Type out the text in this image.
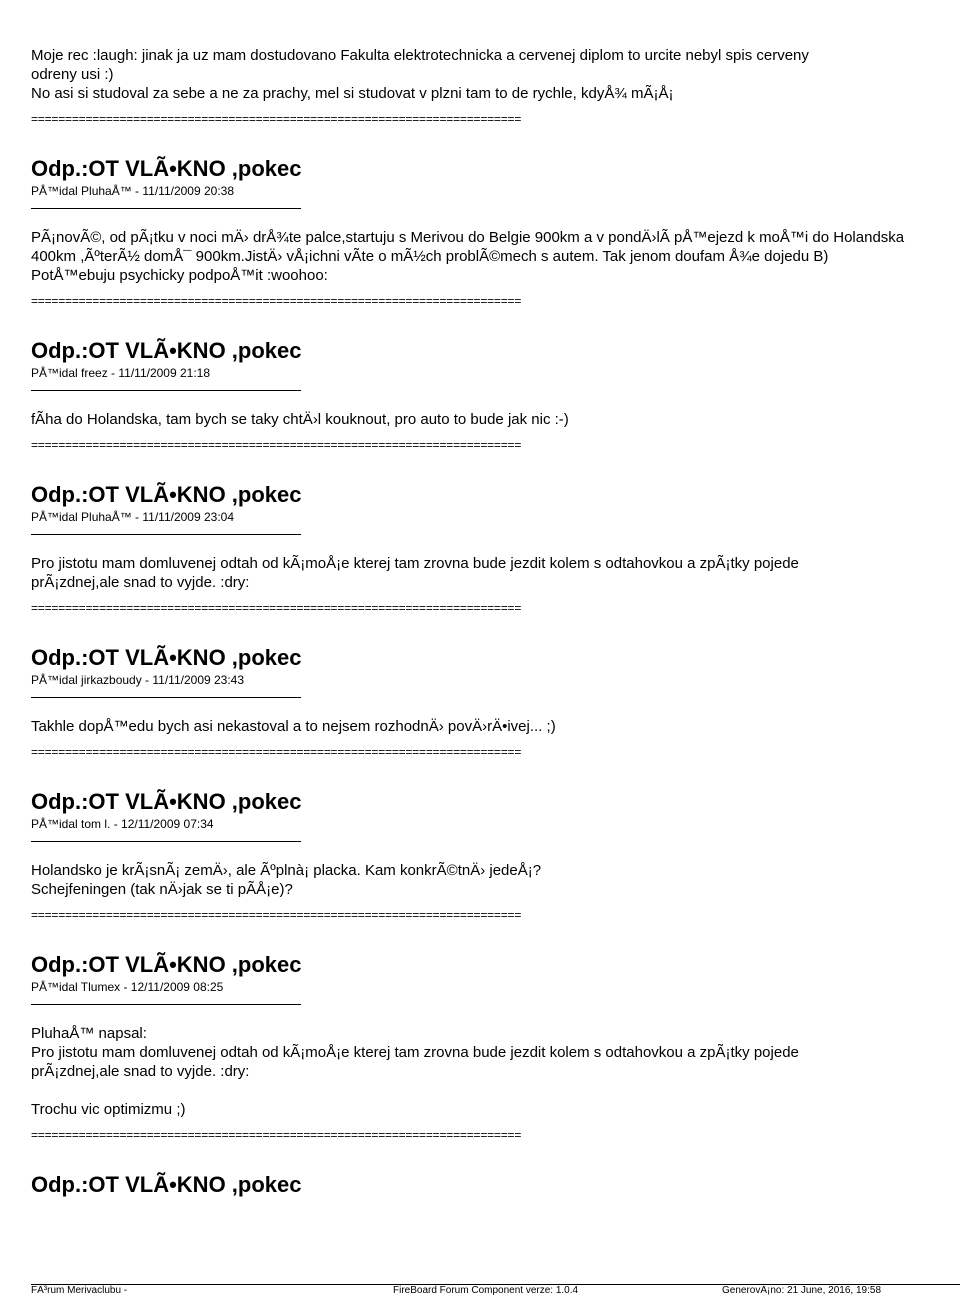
Moje rec :laugh: jinak ja uz mam dostudovano Fakulta elektrotechnicka a cervenej diplom to urcite nebyl spis cerveny

odreny usi :)

No asi si studoval za sebe a ne za prachy, mel si studovat v plzni tam to de rychle, kdyÅ¾ mÃ¡Å¡

========================================================================
Odp.:OT VLÃ•KNO ,pokec
PÅ™idal PluhaÅ™ - 11/11/2009 20:38

PÃ¡novÃ©, od pÃ¡tku v noci mÄ› drÅ¾te palce,startuju s Merivou do Belgie 900km a v pondÄ›lÃ pÅ™ejezd k moÅ™i do Holandska

400km ,ÃºterÃ½ domÅ¯ 900km.JistÄ› vÅ¡ichni vÃte o mÃ½ch problÃ©mech s autem. Tak jenom doufam Å¾e dojedu B)

PotÅ™ebuju psychicky podpoÅ™it :woohoo:

========================================================================
Odp.:OT VLÃ•KNO ,pokec
PÅ™idal freez - 11/11/2009 21:18

fÃha do Holandska, tam bych se taky chtÄ›l kouknout, pro auto to bude jak nic :-)

========================================================================
Odp.:OT VLÃ•KNO ,pokec
PÅ™idal PluhaÅ™ - 11/11/2009 23:04

Pro jistotu mam domluvenej odtah od kÃ¡moÅ¡e kterej tam zrovna bude jezdit kolem s odtahovkou a zpÃ¡tky pojede

prÃ¡zdnej,ale snad to vyjde. :dry:

========================================================================
Odp.:OT VLÃ•KNO ,pokec
PÅ™idal jirkazboudy - 11/11/2009 23:43

Takhle dopÅ™edu bych asi nekastoval a to nejsem rozhodnÄ› povÄ›rÄ•ivej... ;)

========================================================================
Odp.:OT VLÃ•KNO ,pokec
PÅ™idal tom l. - 12/11/2009 07:34

Holandsko je krÃ¡snÃ¡ zemÄ›, ale Ãºplnà¡ placka. Kam konkrÃ©tnÄ› jedeÅ¡?

Schejfeningen (tak nÄ›jak se ti pÃÅ¡e)?

========================================================================
Odp.:OT VLÃ•KNO ,pokec
PÅ™idal Tlumex - 12/11/2009 08:25

PluhaÅ™ napsal:

Pro jistotu mam domluvenej odtah od kÃ¡moÅ¡e kterej tam zrovna bude jezdit kolem s odtahovkou a zpÃ¡tky pojede

prÃ¡zdnej,ale snad to vyjde. :dry:

Trochu vic optimizmu ;)

========================================================================
Odp.:OT VLÃ•KNO ,pokec
FÃ³rum Merivaclubu -	FireBoard Forum Component verze: 1.0.4	GenerovÃ¡no: 21 June, 2016, 19:58
